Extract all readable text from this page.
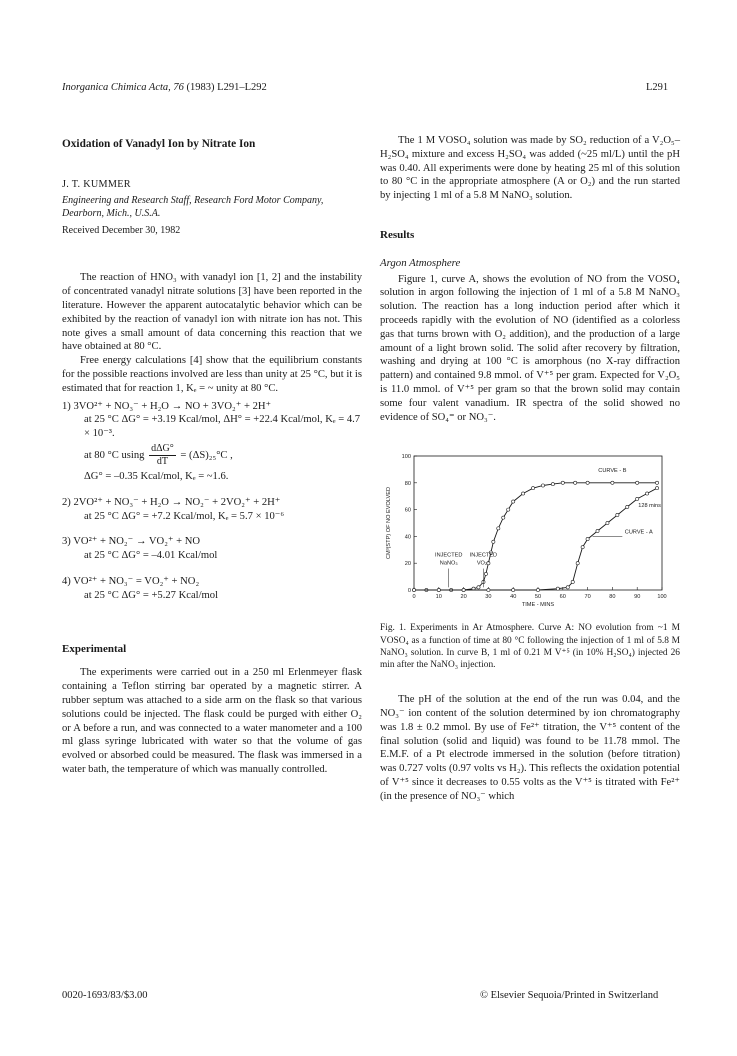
Inorganica Chimica Acta, 76 (1983) L291–L292	L291
Oxidation of Vanadyl Ion by Nitrate Ion
J. T. KUMMER
Engineering and Research Staff, Research Ford Motor Company, Dearborn, Mich., U.S.A.
Received December 30, 1982

The reaction of HNO₃ with vanadyl ion [1, 2] and the instability of concentrated vanadyl nitrate solutions [3] have been reported in the literature. However the apparent autocatalytic behavior which can be exhibited by the reaction of vanadyl ion with nitrate ion has not. This note gives a small amount of data concerning this reaction that we have obtained at 80 °C.

Free energy calculations [4] show that the equilibrium constants for the possible reactions involved are less than unity at 25 °C, but it is estimated that for reaction 1, Kₑ = ~ unity at 80 °C.

1) 3VO²⁺ + NO₃⁻ + H₂O → NO + 3VO₂⁺ + 2H⁺
at 25 °C ΔG° = +3.19 Kcal/mol, ΔH° = +22.4 Kcal/mol, Kₑ = 4.7 × 10⁻³.
at 80 °C using $\frac{\text{dΔG°}}{dT} = (\Delta S)_{25}^\circ C$ ,
ΔG° = –0.35 Kcal/mol, Kₑ = ~1.6.
2) 2VO²⁺ + NO₃⁻ + H₂O → NO₂⁻ + 2VO₂⁺ + 2H⁺
at 25 °C ΔG° = +7.2 Kcal/mol, Kₑ = 5.7 × 10⁻⁶
3) VO²⁺ + NO₂⁻ → VO₂⁺ + NO
at 25 °C ΔG° = –4.01 Kcal/mol
4) VO²⁺ + NO₃⁻ = VO₂⁺ + NO₂
at 25 °C ΔG° = +5.27 Kcal/mol
Experimental

The experiments were carried out in a 250 ml Erlenmeyer flask containing a Teflon stirring bar operated by a magnetic stirrer. A rubber septum was attached to a side arm on the flask so that various solutions could be injected. The flask could be purged with either O₂ or A before a run, and was connected to a water manometer and a 100 ml glass syringe lubricated with water so that the volume of gas evolved or absorbed could be measured. The flask was immersed in a water bath, the temperature of which was manually controlled.

The 1 M VOSO₄ solution was made by SO₂ reduction of a V₂O₅–H₂SO₄ mixture and excess H₂SO₄ was added (~25 ml/L) until the pH was 0.40. All experiments were done by heating 25 ml of this solution to 80 °C in the appropriate atmosphere (A or O₂) and the run started by injecting 1 ml of a 5.8 M NaNO₃ solution.

Results
Argon Atmosphere

Figure 1, curve A, shows the evolution of NO from the VOSO₄ solution in argon following the injection of 1 ml of a 5.8 M NaNO₃ solution. The reaction has a long induction period after which it proceeds rapidly with the evolution of NO (identified as a colorless gas that turns brown with O₂ addition), and the production of a large amount of a light brown solid. The solid after recovery by filtration, washing and drying at 100 °C is amorphous (no X-ray diffraction pattern) and contained 9.8 mmol. of V⁺⁵ per gram. Expected for V₂O₅ is 11.0 mmol. of V⁺⁵ per gram so that the brown solid may contain some four valent vanadium. IR spectra of the solid showed no evidence of SO₄⁼ or NO₃⁻.

TIME - MINS
CM³(STP) OF NO EVOLVED
0	10	20	30	40	50	60	70	80	90	100
0
20
40
60
80
100
CURVE - B
CURVE - A
128 mins
INJECTED
NaNO₃
INJECTED
VO₂⁺
Fig. 1. Experiments in Ar Atmosphere. Curve A: NO evolution from ~1 M VOSO₄ as a function of time at 80 °C following the injection of 1 ml of 5.8 M NaNO₃ solution. In curve B, 1 ml of 0.21 M V⁺⁵ (in 10% H₂SO₄) injected 26 min after the NaNO₃ injection.

The pH of the solution at the end of the run was 0.04, and the NO₃⁻ ion content of the solution determined by ion chromatography was 1.8 ± 0.2 mmol. By use of Fe²⁺ titration, the V⁺⁵ content of the final solution (solid and liquid) was found to be 11.78 mmol. The E.M.F. of a Pt electrode immersed in the solution (before titration) was 0.727 volts (0.97 volts vs H₂). This reflects the oxidation potential of V⁺⁵ since it decreases to 0.55 volts as the V⁺⁵ is titrated with Fe²⁺ (in the presence of NO₃⁻ which

0020-1693/83/$3.00	© Elsevier Sequoia/Printed in Switzerland
